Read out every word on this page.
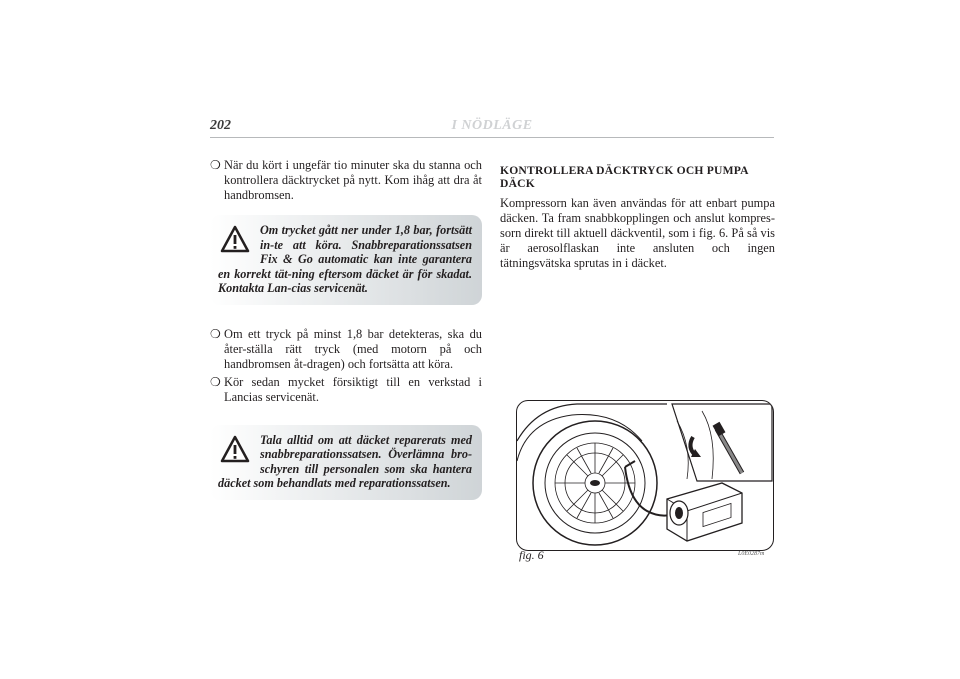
202	I NÖDLÄGE

❍ När du kört i ungefär tio minuter ska du stanna och kontrollera däcktrycket på nytt. Kom ihåg att dra åt handbromsen.

Om trycket gått ner under 1,8 bar, fortsätt in-te att köra. Snabbreparationssatsen Fix & Go automatic kan inte garantera en korrekt tät-ning eftersom däcket är för skadat. Kontakta Lan-cias servicenät.

❍ Om ett tryck på minst 1,8 bar detekteras, ska du åter-ställa rätt tryck (med motorn på och handbromsen åt-dragen) och fortsätta att köra.

❍ Kör sedan mycket försiktigt till en verkstad i Lancias servicenät.

Tala alltid om att däcket reparerats med snabbreparationssatsen. Överlämna bro-schyren till personalen som ska hantera däcket som behandlats med reparationssatsen.
KONTROLLERA DÄCKTRYCK OCH PUMPA DÄCK

Kompressorn kan även användas för att enbart pumpa däcken. Ta fram snabbkopplingen och anslut kompres-sorn direkt till aktuell däckventil, som i fig. 6. På så vis är aerosolflaskan inte ansluten och ingen tätningsvätska sprutas in i däcket.

fig. 6	L0E0287m
